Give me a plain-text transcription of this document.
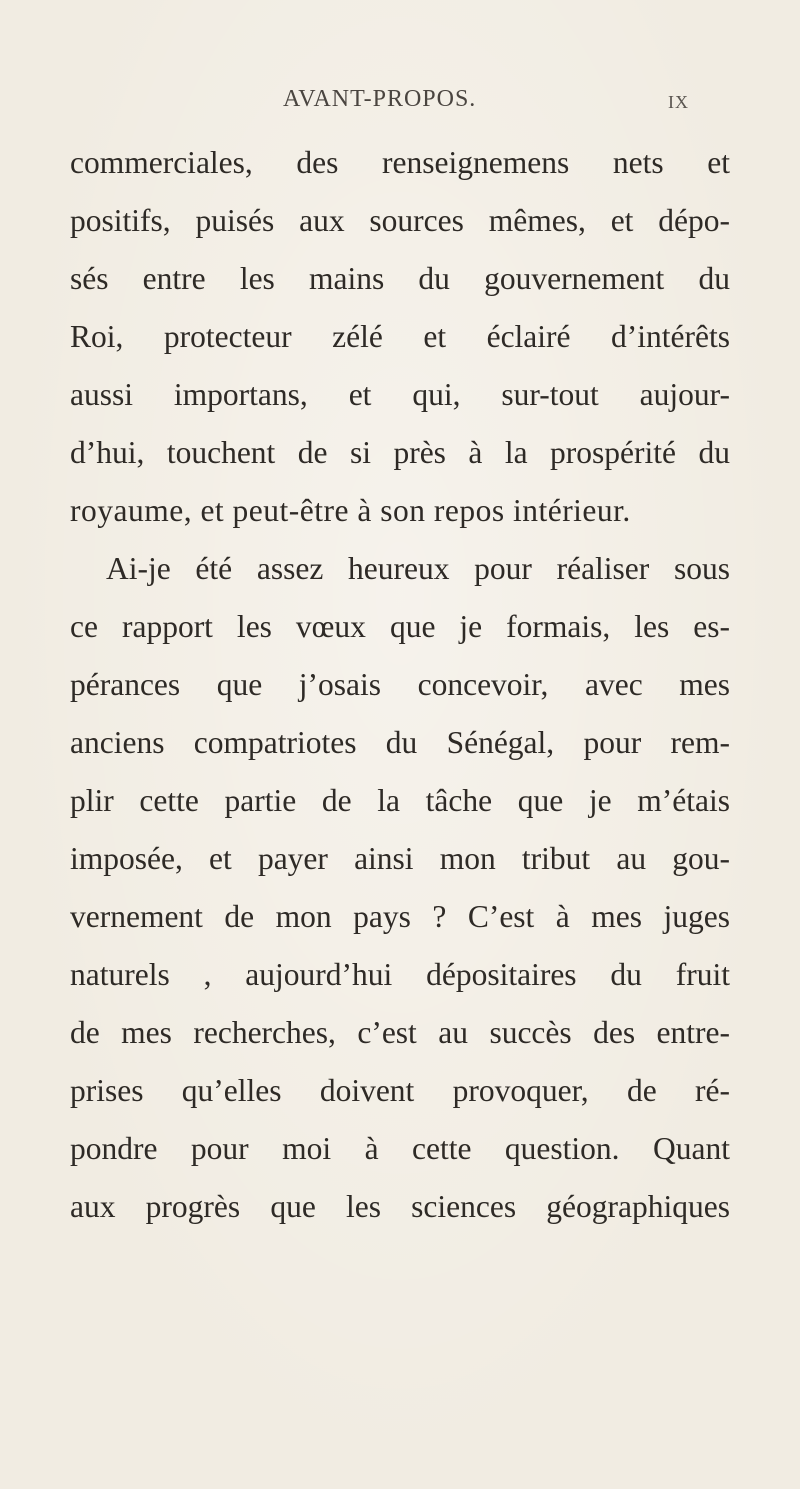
AVANT-PROPOS.	IX
commerciales, des renseignemens nets et
positifs, puisés aux sources mêmes, et dépo-
sés entre les mains du gouvernement du
Roi, protecteur zélé et éclairé d’intérêts
aussi importans, et qui, sur-tout aujour-
d’hui, touchent de si près à la prospérité du
royaume, et peut-être à son repos intérieur.
Ai-je été assez heureux pour réaliser sous
ce rapport les vœux que je formais, les es-
pérances que j’osais concevoir, avec mes
anciens compatriotes du Sénégal, pour rem-
plir cette partie de la tâche que je m’étais
imposée, et payer ainsi mon tribut au gou-
vernement de mon pays ? C’est à mes juges
naturels , aujourd’hui dépositaires du fruit
de mes recherches, c’est au succès des entre-
prises qu’elles doivent provoquer, de ré-
pondre pour moi à cette question. Quant
aux progrès que les sciences géographiques
